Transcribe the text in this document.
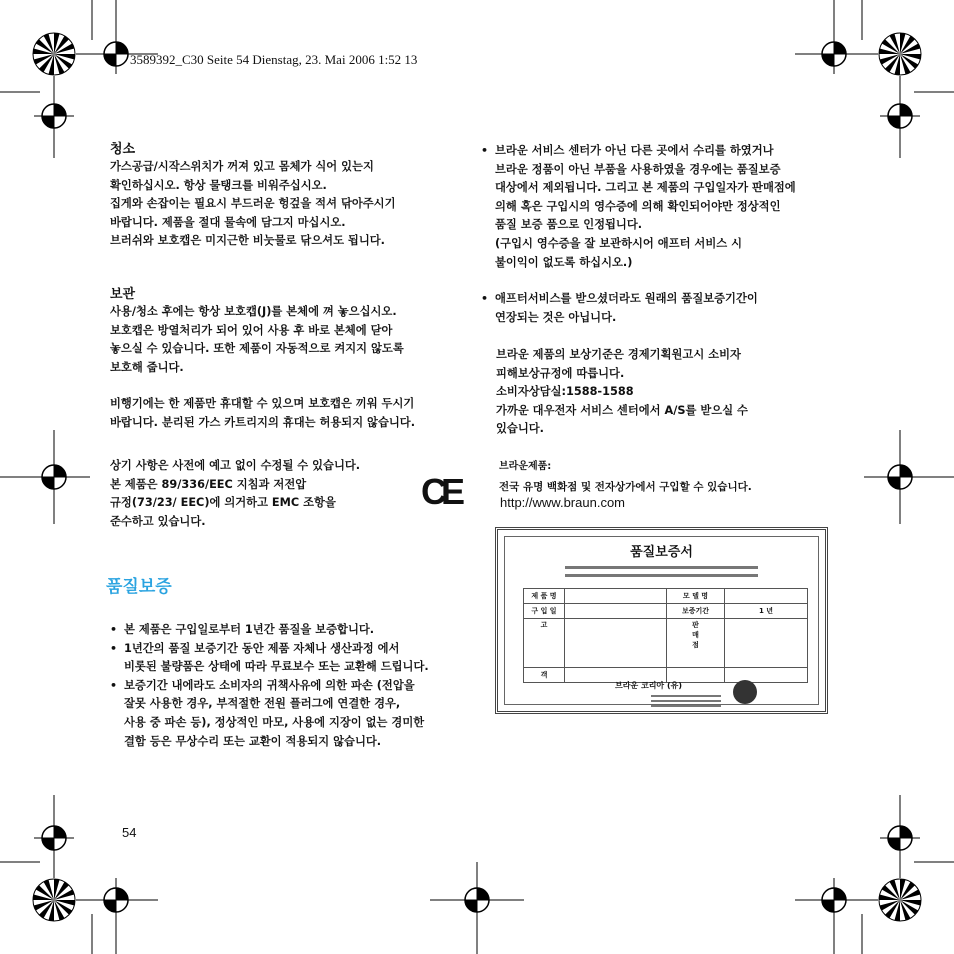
3589392_C30 Seite 54 Dienstag, 23. Mai 2006 1:52 13
청소
가스공급/시작스위치가 꺼져 있고 몸체가 식어 있는지
확인하십시오. 항상 물탱크를 비워주십시오.
집게와 손잡이는 필요시 부드러운 헝겊을 적셔 닦아주시기
바랍니다. 제품을 절대 물속에 담그지 마십시오.
브러쉬와 보호캡은 미지근한 비눗물로 닦으셔도 됩니다.
보관
사용/청소 후에는 항상 보호캡(J)를 본체에 껴 놓으십시오.
보호캡은 방열처리가 되어 있어 사용 후 바로 본체에 닫아
놓으실 수 있습니다. 또한 제품이 자동적으로 켜지지 않도록
보호해 줍니다.
비행기에는 한 제품만 휴대할 수 있으며 보호캡은 끼워 두시기
바랍니다. 분리된 가스 카트리지의 휴대는 허용되지 않습니다.
상기 사항은 사전에 예고 없이 수정될 수 있습니다.
본 제품은 89/336/EEC 지침과 저전압
규정(73/23/ EEC)에 의거하고 EMC 조항을
준수하고 있습니다.
CE
품질보증
• 본 제품은 구입일로부터 1년간 품질을 보증합니다.
• 1년간의 품질 보증기간 동안 제품 자체나 생산과정 에서
비롯된 불량품은 상태에 따라 무료보수 또는 교환해 드립니다.
• 보증기간 내에라도 소비자의 귀책사유에 의한 파손 (전압을
잘못 사용한 경우, 부적절한 전원 플러그에 연결한 경우,
사용 중 파손 등), 정상적인 마모, 사용에 지장이 없는 경미한
결함 등은 무상수리 또는 교환이 적용되지 않습니다.
54
• 브라운 서비스 센터가 아닌 다른 곳에서 수리를 하였거나
브라운 정품이 아닌 부품을 사용하였을 경우에는 품질보증
대상에서 제외됩니다. 그리고 본 제품의 구입일자가 판매점에
의해 혹은 구입시의 영수증에 의해 확인되어야만 정상적인
품질 보증 품으로 인정됩니다.
(구입시 영수증을 잘 보관하시어 애프터 서비스 시
불이익이 없도록 하십시오.)
• 애프터서비스를 받으셨더라도 원래의 품질보증기간이
연장되는 것은 아닙니다.
브라운 제품의 보상기준은 경제기획원고시 소비자
피해보상규정에 따릅니다.
소비자상담실:1588-1588
가까운 대우전자 서비스 센터에서 A/S를 받으실 수
있습니다.
브라운제품:
전국 유명 백화점 및 전자상가에서 구입할 수 있습니다.
http://www.braun.com
품질보증서
제 품 명		모 델 명	
구 입 일		보증기간	1 년
고		판
매
점	

객			
브라운 코리아 (유)
